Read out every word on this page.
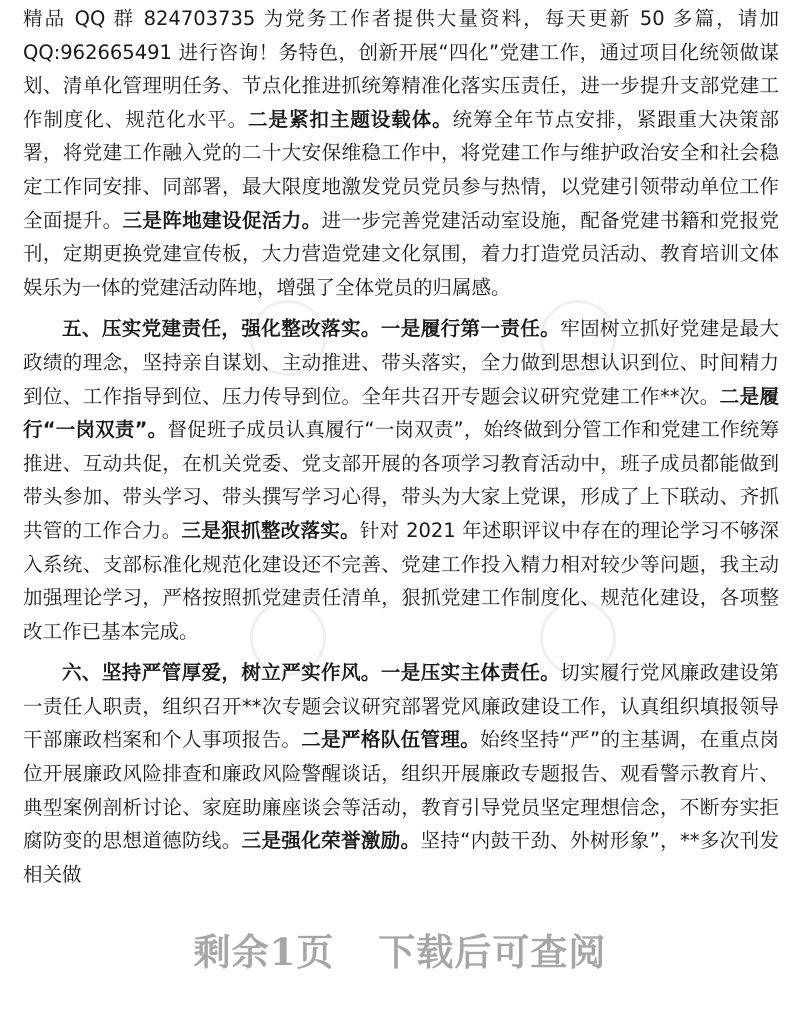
精品 QQ 群 824703735 为党务工作者提供大量资料，每天更新 50 多篇，请加 QQ:962665491 进行咨询！务特色，创新开展“四化”党建工作，通过项目化统领做谋划、清单化管理明任务、节点化推进抓统筹精准化落实压责任，进一步提升支部党建工作制度化、规范化水平。二是紧扣主题设载体。统筹全年节点安排，紧跟重大决策部署，将党建工作融入党的二十大安保维稳工作中，将党建工作与维护政治安全和社会稳定工作同安排、同部署，最大限度地激发党员党员参与热情，以党建引领带动单位工作全面提升。三是阵地建设促活力。进一步完善党建活动室设施，配备党建书籍和党报党刊，定期更换党建宣传板，大力营造党建文化氛围，着力打造党员活动、教育培训文体娱乐为一体的党建活动阵地，增强了全体党员的归属感。

五、压实党建责任，强化整改落实。一是履行第一责任。牢固树立抓好党建是最大政绩的理念，坚持亲自谋划、主动推进、带头落实，全力做到思想认识到位、时间精力到位、工作指导到位、压力传导到位。全年共召开专题会议研究党建工作**次。二是履行“一岗双责”。督促班子成员认真履行“一岗双责”，始终做到分管工作和党建工作统筹推进、互动共促，在机关党委、党支部开展的各项学习教育活动中，班子成员都能做到带头参加、带头学习、带头撰写学习心得，带头为大家上党课，形成了上下联动、齐抓共管的工作合力。三是狠抓整改落实。针对 2021 年述职评议中存在的理论学习不够深入系统、支部标准化规范化建设还不完善、党建工作投入精力相对较少等问题，我主动加强理论学习，严格按照抓党建责任清单，狠抓党建工作制度化、规范化建设，各项整改工作已基本完成。

六、坚持严管厚爱，树立严实作风。一是压实主体责任。切实履行党风廉政建设第一责任人职责，组织召开**次专题会议研究部署党风廉政建设工作，认真组织填报领导干部廉政档案和个人事项报告。二是严格队伍管理。始终坚持“严”的主基调，在重点岗位开展廉政风险排查和廉政风险警醒谈话，组织开展廉政专题报告、观看警示教育片、典型案例剖析讨论、家庭助廉座谈会等活动，教育引导党员坚定理想信念，不断夯实拒腐防变的思想道德防线。三是强化荣誉激励。坚持“内鼓干劲、外树形象”，**多次刊发相关做

剩余1页 下载后可查阅
